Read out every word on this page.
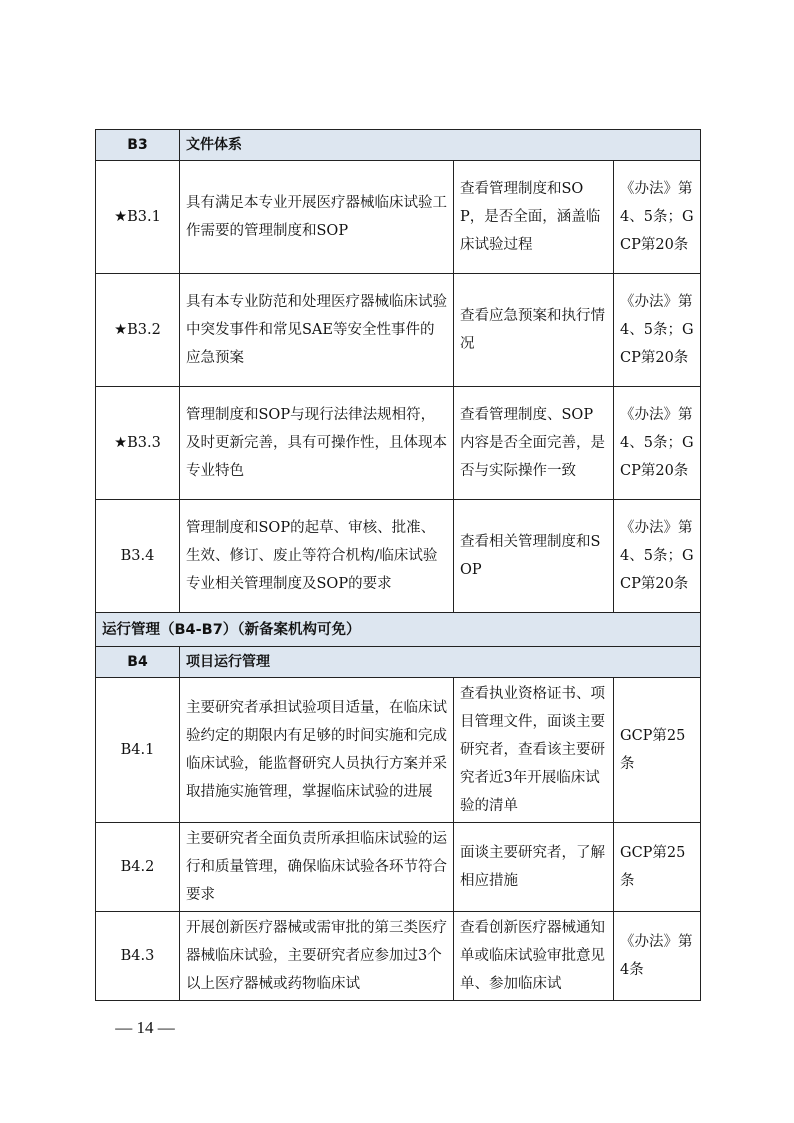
B3	文件体系		
★B3.1	具有满足本专业开展医疗器械临床试验工作需要的管理制度和SOP	查看管理制度和SOP，是否全面，涵盖临床试验过程	《办法》第4、5条；GCP第20条
★B3.2	具有本专业防范和处理医疗器械临床试验中突发事件和常见SAE等安全性事件的应急预案	查看应急预案和执行情况	《办法》第4、5条；GCP第20条
★B3.3	管理制度和SOP与现行法律法规相符，及时更新完善，具有可操作性，且体现本专业特色	查看管理制度、SOP内容是否全面完善，是否与实际操作一致	《办法》第4、5条；GCP第20条
B3.4	管理制度和SOP的起草、审核、批准、生效、修订、废止等符合机构/临床试验专业相关管理制度及SOP的要求	查看相关管理制度和SOP	《办法》第4、5条；GCP第20条
运行管理（B4-B7）（新备案机构可免）			
B4	项目运行管理		
B4.1	主要研究者承担试验项目适量，在临床试验约定的期限内有足够的时间实施和完成临床试验，能监督研究人员执行方案并采取措施实施管理，掌握临床试验的进展	查看执业资格证书、项目管理文件，面谈主要研究者，查看该主要研究者近3年开展临床试验的清单	GCP第25条
B4.2	主要研究者全面负责所承担临床试验的运行和质量管理，确保临床试验各环节符合要求	面谈主要研究者，了解相应措施	GCP第25条
B4.3	开展创新医疗器械或需审批的第三类医疗器械临床试验，主要研究者应参加过3个以上医疗器械或药物临床试	查看创新医疗器械通知单或临床试验审批意见单、参加临床试	《办法》第4条
— 14 —
